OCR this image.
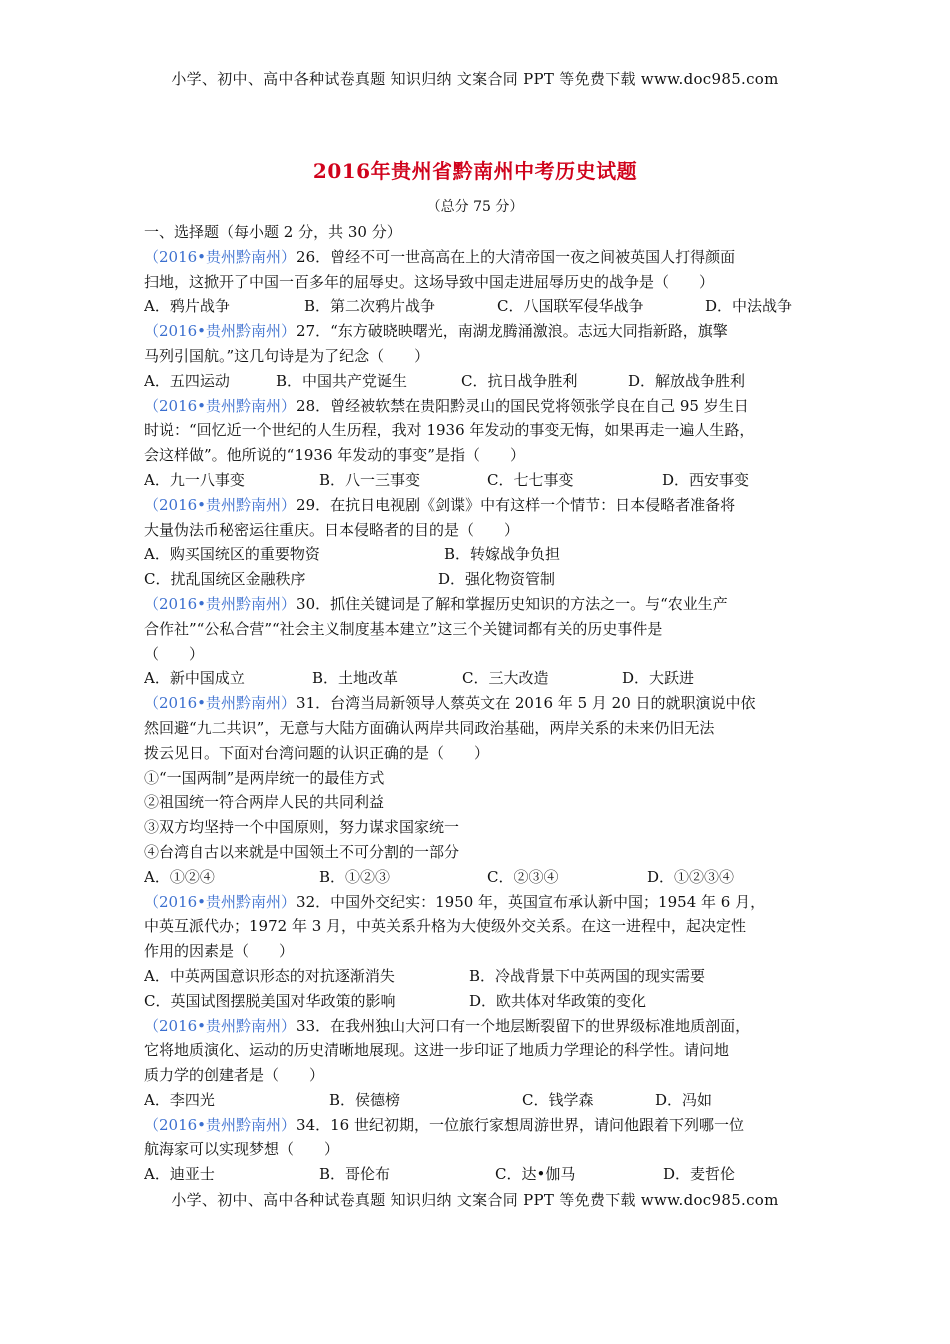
小学、初中、高中各种试卷真题 知识归纳 文案合同 PPT 等免费下载 www.doc985.com
2016年贵州省黔南州中考历史试题
（总分 75 分）
一、选择题（每小题 2 分，共 30 分）
（2016•贵州黔南州）26．曾经不可一世高高在上的大清帝国一夜之间被英国人打得颜面
扫地，这掀开了中国一百多年的屈辱史。这场导致中国走进屈辱历史的战争是（　　）
A．鸦片战争	B．第二次鸦片战争	C．八国联军侵华战争	D．中法战争
（2016•贵州黔南州）27．“东方破晓映曙光，南湖龙腾涌激浪。志远大同指新路，旗擎
马列引国航。”这几句诗是为了纪念（　　）
A．五四运动	B．中国共产党诞生	C．抗日战争胜利	D．解放战争胜利
（2016•贵州黔南州）28．曾经被软禁在贵阳黔灵山的国民党将领张学良在自己 95 岁生日
时说：“回忆近一个世纪的人生历程，我对 1936 年发动的事变无悔，如果再走一遍人生路，
会这样做”。他所说的“1936 年发动的事变”是指（　　）
A．九一八事变	B．八一三事变	C．七七事变	D．西安事变
（2016•贵州黔南州）29．在抗日电视剧《剑谍》中有这样一个情节：日本侵略者准备将
大量伪法币秘密运往重庆。日本侵略者的目的是（　　）
A．购买国统区的重要物资	B．转嫁战争负担
C．扰乱国统区金融秩序	D．强化物资管制
（2016•贵州黔南州）30．抓住关键词是了解和掌握历史知识的方法之一。与“农业生产
合作社”“公私合营”“社会主义制度基本建立”这三个关键词都有关的历史事件是
（　　）
A．新中国成立	B．土地改革	C．三大改造	D．大跃进
（2016•贵州黔南州）31．台湾当局新领导人蔡英文在 2016 年 5 月 20 日的就职演说中依
然回避“九二共识”，无意与大陆方面确认两岸共同政治基础，两岸关系的未来仍旧无法
拨云见日。下面对台湾问题的认识正确的是（　　）
①“一国两制”是两岸统一的最佳方式
②祖国统一符合两岸人民的共同利益
③双方均坚持一个中国原则，努力谋求国家统一
④台湾自古以来就是中国领土不可分割的一部分
A．①②④	B．①②③	C．②③④	D．①②③④
（2016•贵州黔南州）32．中国外交纪实：1950 年，英国宣布承认新中国；1954 年 6 月，
中英互派代办；1972 年 3 月，中英关系升格为大使级外交关系。在这一进程中，起决定性
作用的因素是（　　）
A．中英两国意识形态的对抗逐渐消失	B．冷战背景下中英两国的现实需要
C．英国试图摆脱美国对华政策的影响	D．欧共体对华政策的变化
（2016•贵州黔南州）33．在我州独山大河口有一个地层断裂留下的世界级标准地质剖面，
它将地质演化、运动的历史清晰地展现。这进一步印证了地质力学理论的科学性。请问地
质力学的创建者是（　　）
A．李四光	B．侯德榜	C．钱学森	D．冯如
（2016•贵州黔南州）34．16 世纪初期，一位旅行家想周游世界，请问他跟着下列哪一位
航海家可以实现梦想（　　）
A．迪亚士	B．哥伦布	C．达•伽马	D．麦哲伦
小学、初中、高中各种试卷真题 知识归纳 文案合同 PPT 等免费下载 www.doc985.com
